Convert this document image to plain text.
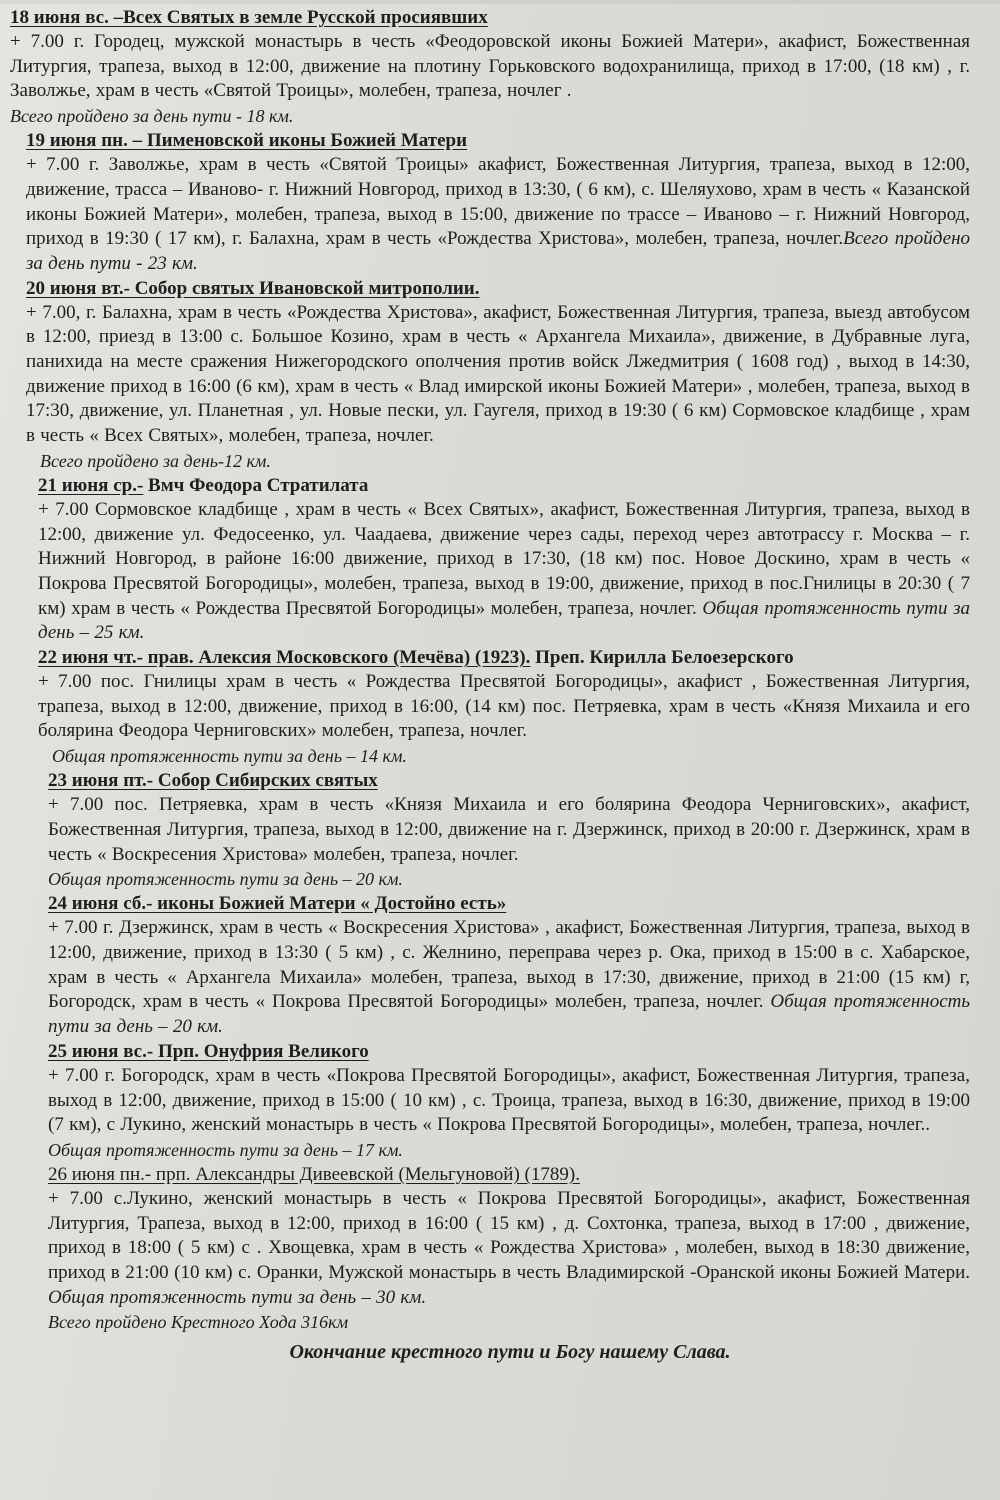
18 июня вс. –Всех Святых в земле Русской просиявших
+ 7.00 г. Городец, мужской монастырь в честь «Феодоровской иконы Божией Матери», акафист, Божественная Литургия, трапеза, выход в 12:00, движение на плотину Горьковского водохранилища, приход в 17:00, (18 км) , г. Заволжье, храм в честь «Святой Троицы», молебен, трапеза, ночлег .
Всего пройдено за день пути - 18 км.
19 июня пн. – Пименовской иконы Божией Матери
+ 7.00 г. Заволжье, храм в честь «Святой Троицы» акафист, Божественная Литургия, трапеза, выход в 12:00, движение, трасса – Иваново- г. Нижний Новгород, приход в 13:30, ( 6 км), с. Шеляухово, храм в честь « Казанской иконы Божией Матери», молебен, трапеза, выход в 15:00, движение по трассе – Иваново – г. Нижний Новгород, приход в 19:30 ( 17 км), г. Балахна, храм в честь «Рождества Христова», молебен, трапеза, ночлег.Всего пройдено за день пути - 23 км.
20 июня вт.- Собор святых Ивановской митрополии.
+ 7.00, г. Балахна, храм в честь «Рождества Христова», акафист, Божественная Литургия, трапеза, выезд автобусом в 12:00, приезд в 13:00 с. Большое Козино, храм в честь « Архангела Михаила», движение, в Дубравные луга, панихида на месте сражения Нижегородского ополчения против войск Лжедмитрия ( 1608 год) , выход в 14:30, движение приход в 16:00 (6 км), храм в честь « Влад имирской иконы Божией Матери» , молебен, трапеза, выход в 17:30, движение, ул. Планетная , ул. Новые пески, ул. Гаугеля, приход в 19:30 ( 6 км) Сормовское кладбище , храм в честь « Всех Святых», молебен, трапеза, ночлег.
Всего пройдено за день-12 км.
21 июня ср.- Вмч Феодора Стратилата
+ 7.00 Сормовское кладбище , храм в честь « Всех Святых», акафист, Божественная Литургия, трапеза, выход в 12:00, движение ул. Федосеенко, ул. Чаадаева, движение через сады, переход через автотрассу г. Москва – г. Нижний Новгород, в районе 16:00 движение, приход в 17:30, (18 км) пос. Новое Доскино, храм в честь « Покрова Пресвятой Богородицы», молебен, трапеза, выход в 19:00, движение, приход в пос.Гнилицы в 20:30 ( 7 км) храм в честь « Рождества Пресвятой Богородицы» молебен, трапеза, ночлег. Общая протяженность пути за день – 25 км.
22 июня чт.- прав. Алексия Московского (Мечёва) (1923). Преп. Кирилла Белоезерского
+ 7.00 пос. Гнилицы храм в честь « Рождества Пресвятой Богородицы», акафист , Божественная Литургия, трапеза, выход в 12:00, движение, приход в 16:00, (14 км) пос. Петряевка, храм в честь «Князя Михаила и его болярина Феодора Черниговских» молебен, трапеза, ночлег.
Общая протяженность пути за день – 14 км.
23 июня пт.- Собор Сибирских святых
+ 7.00 пос. Петряевка, храм в честь «Князя Михаила и его болярина Феодора Черниговских», акафист, Божественная Литургия, трапеза, выход в 12:00, движение на г. Дзержинск, приход в 20:00 г. Дзержинск, храм в честь « Воскресения Христова» молебен, трапеза, ночлег.
Общая протяженность пути за день – 20 км.
24 июня сб.- иконы Божией Матери « Достойно есть»
+ 7.00 г. Дзержинск, храм в честь « Воскресения Христова» , акафист, Божественная Литургия, трапеза, выход в 12:00, движение, приход в 13:30 ( 5 км) , с. Желнино, переправа через р. Ока, приход в 15:00 в с. Хабарское, храм в честь « Архангела Михаила» молебен, трапеза, выход в 17:30, движение, приход в 21:00 (15 км) г, Богородск, храм в честь « Покрова Пресвятой Богородицы» молебен, трапеза, ночлег. Общая протяженность пути за день – 20 км.
25 июня вс.- Прп. Онуфрия Великого
+ 7.00 г. Богородск, храм в честь «Покрова Пресвятой Богородицы», акафист, Божественная Литургия, трапеза, выход в 12:00, движение, приход в 15:00 ( 10 км) , с. Троица, трапеза, выход в 16:30, движение, приход в 19:00 (7 км), с Лукино, женский монастырь в честь « Покрова Пресвятой Богородицы», молебен, трапеза, ночлег..
Общая протяженность пути за день – 17 км.
26 июня пн.- прп. Александры Дивеевской (Мельгуновой) (1789).
+ 7.00 с.Лукино, женский монастырь в честь « Покрова Пресвятой Богородицы», акафист, Божественная Литургия, Трапеза, выход в 12:00, приход в 16:00 ( 15 км) , д. Сохтонка, трапеза, выход в 17:00 , движение, приход в 18:00 ( 5 км) с . Хвощевка, храм в честь « Рождества Христова» , молебен, выход в 18:30 движение, приход в 21:00 (10 км) с. Оранки, Мужской монастырь в честь Владимирской -Оранской иконы Божией Матери. Общая протяженность пути за день – 30 км.
Всего пройдено Крестного Хода 316км
Окончание крестного пути и Богу нашему Слава.
